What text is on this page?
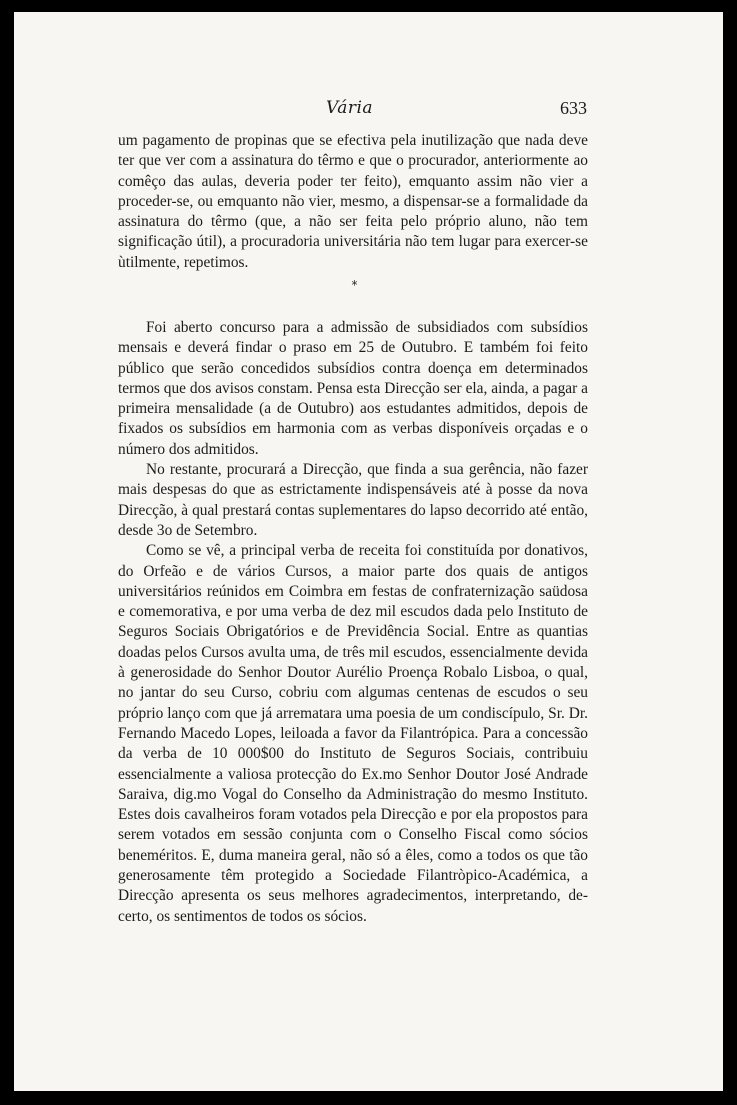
Vária	633

um pagamento de propinas que se efectiva pela inutilização que nada deve ter que ver com a assinatura do têrmo e que o procurador, anteriormente ao comêço das aulas, deveria poder ter feito), emquanto assim não vier a proceder-se, ou emquanto não vier, mesmo, a dispensar-se a formalidade da assinatura do têrmo (que, a não ser feita pelo próprio aluno, não tem significação útil), a procuradoria universitária não tem lugar para exercer-se ùtilmente, repetimos.

*

Foi aberto concurso para a admissão de subsidiados com subsídios mensais e deverá findar o praso em 25 de Outubro. E também foi feito público que serão concedidos subsídios contra doença em determinados termos que dos avisos constam. Pensa esta Direcção ser ela, ainda, a pagar a primeira mensalidade (a de Outubro) aos estudantes admitidos, depois de fixados os subsídios em harmonia com as verbas disponíveis orçadas e o número dos admitidos.

No restante, procurará a Direcção, que finda a sua gerência, não fazer mais despesas do que as estrictamente indispensáveis até à posse da nova Direcção, à qual prestará contas suplementares do lapso decorrido até então, desde 3o de Setembro.

Como se vê, a principal verba de receita foi constituída por donativos, do Orfeão e de vários Cursos, a maior parte dos quais de antigos universitários reúnidos em Coimbra em festas de confraternização saüdosa e comemorativa, e por uma verba de dez mil escudos dada pelo Instituto de Seguros Sociais Obrigatórios e de Previdência Social. Entre as quantias doadas pelos Cursos avulta uma, de três mil escudos, essencialmente devida à generosidade do Senhor Doutor Aurélio Proença Robalo Lisboa, o qual, no jantar do seu Curso, cobriu com algumas centenas de escudos o seu próprio lanço com que já arrematara uma poesia de um condiscípulo, Sr. Dr. Fernando Macedo Lopes, leiloada a favor da Filantrópica. Para a concessão da verba de 10 000$00 do Instituto de Seguros Sociais, contribuiu essencialmente a valiosa protecção do Ex.mo Senhor Doutor José Andrade Saraiva, dig.mo Vogal do Conselho da Administração do mesmo Instituto. Estes dois cavalheiros foram votados pela Direcção e por ela propostos para serem votados em sessão conjunta com o Conselho Fiscal como sócios beneméritos. E, duma maneira geral, não só a êles, como a todos os que tão generosamente têm protegido a Sociedade Filantròpico-Académica, a Direcção apresenta os seus melhores agradecimentos, interpretando, de-certo, os sentimentos de todos os sócios.
